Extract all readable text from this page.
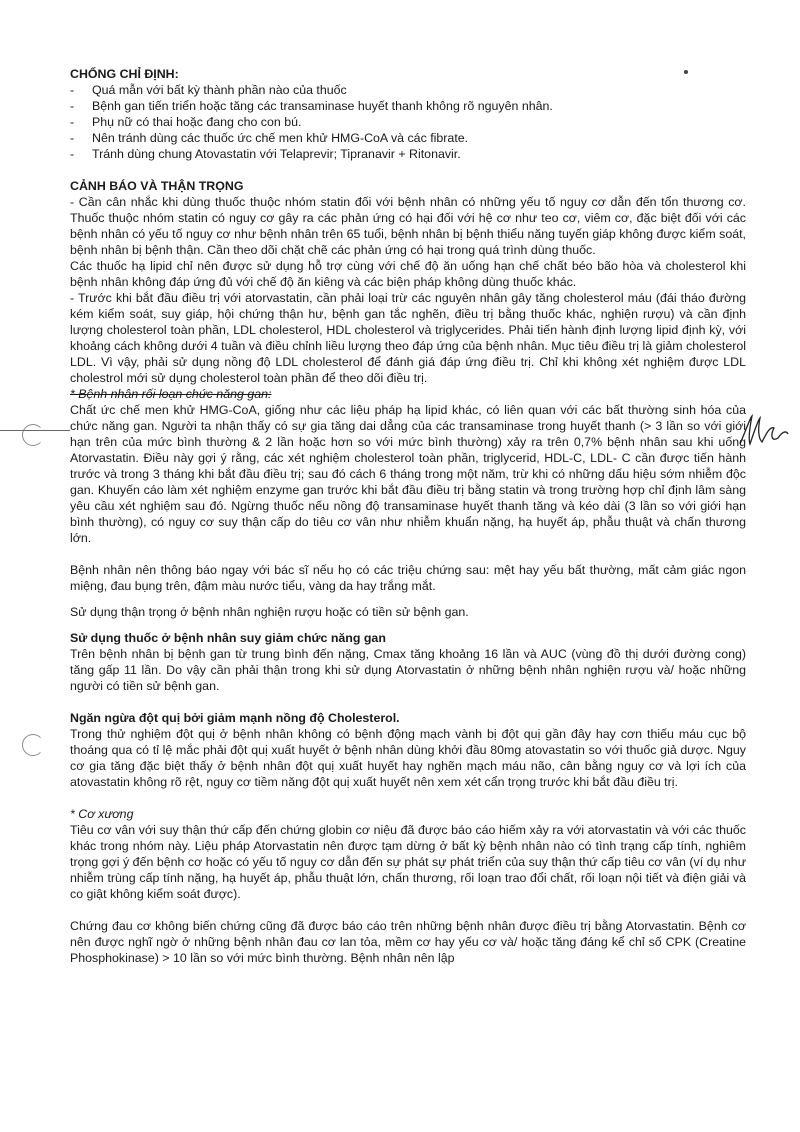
CHỐNG CHỈ ĐỊNH:

- Quá mẫn với bất kỳ thành phần nào của thuốc
- Bệnh gan tiến triển hoặc tăng các transaminase huyết thanh không rõ nguyên nhân.
- Phụ nữ có thai hoặc đang cho con bú.
- Nên tránh dùng các thuốc ức chế men khử HMG-CoA và các fibrate.
- Tránh dùng chung Atovastatin với Telaprevir; Tipranavir + Ritonavir.

CẢNH BÁO VÀ THẬN TRỌNG

- Cần cân nhắc khi dùng thuốc thuộc nhóm statin đối với bệnh nhân có những yếu tố nguy cơ dẫn đến tổn thương cơ. Thuốc thuộc nhóm statin có nguy cơ gây ra các phản ứng có hại đối với hệ cơ như teo cơ, viêm cơ, đặc biệt đối với các bệnh nhân có yếu tố nguy cơ như bệnh nhân trên 65 tuổi, bệnh nhân bị bệnh thiểu năng tuyến giáp không được kiểm soát, bệnh nhân bị bệnh thận. Cần theo dõi chặt chẽ các phản ứng có hại trong quá trình dùng thuốc.

Các thuốc hạ lipid chỉ nên được sử dụng hỗ trợ cùng với chế độ ăn uống hạn chế chất béo bão hòa và cholesterol khi bệnh nhân không đáp ứng đủ với chế độ ăn kiêng và các biện pháp không dùng thuốc khác.

- Trước khi bắt đầu điều trị với atorvastatin, cần phải loại trừ các nguyên nhân gây tăng cholesterol máu (đái tháo đường kém kiểm soát, suy giáp, hội chứng thận hư, bệnh gan tắc nghẽn, điều trị bằng thuốc khác, nghiện rượu) và cần định lượng cholesterol toàn phần, LDL cholesterol, HDL cholesterol và triglycerides. Phải tiến hành định lượng lipid định kỳ, với khoảng cách không dưới 4 tuần và điều chỉnh liều lượng theo đáp ứng của bệnh nhân. Mục tiêu điều trị là giảm cholesterol LDL. Vì vậy, phải sử dụng nồng độ LDL cholesterol để đánh giá đáp ứng điều trị. Chỉ khi không xét nghiệm được LDL cholestrol mới sử dụng cholesterol toàn phần để theo dõi điều trị.

* Bệnh nhân rối loạn chức năng gan:

Chất ức chế men khử HMG-CoA, giống như các liệu pháp hạ lipid khác, có liên quan với các bất thường sinh hóa của chức năng gan. Người ta nhận thấy có sự gia tăng dai dẳng của các transaminase trong huyết thanh (> 3 lần so với giới hạn trên của mức bình thường & 2 lần hoặc hơn so với mức bình thường) xảy ra trên 0,7% bệnh nhân sau khi uống Atorvastatin. Điều này gợi ý rằng, các xét nghiệm cholesterol toàn phần, triglycerid, HDL-C, LDL- C cần được tiến hành trước và trong 3 tháng khi bắt đầu điều trị; sau đó cách 6 tháng trong một năm, trừ khi có những dấu hiệu sớm nhiễm độc gan. Khuyến cáo làm xét nghiệm enzyme gan trước khi bắt đầu điều trị bằng statin và trong trường hợp chỉ định lâm sàng yêu cầu xét nghiệm sau đó. Ngừng thuốc nếu nồng độ transaminase huyết thanh tăng và kéo dài (3 lần so với giới hạn bình thường), có nguy cơ suy thận cấp do tiêu cơ vân như nhiễm khuẩn nặng, hạ huyết áp, phẫu thuật và chấn thương lớn.

Bệnh nhân nên thông báo ngay với bác sĩ nếu họ có các triệu chứng sau: mệt hay yếu bất thường, mất cảm giác ngon miệng, đau bụng trên, đậm màu nước tiểu, vàng da hay trắng mắt.

Sử dụng thận trọng ở bệnh nhân nghiện rượu hoặc có tiền sử bệnh gan.

Sử dụng thuốc ở bệnh nhân suy giảm chức năng gan

Trên bệnh nhân bị bệnh gan từ trung bình đến nặng, Cmax tăng khoảng 16 lần và AUC (vùng đồ thị dưới đường cong) tăng gấp 11 lần. Do vậy cần phải thận trong khi sử dụng Atorvastatin ở những bệnh nhân nghiện rượu và/ hoặc những người có tiền sử bệnh gan.

Ngăn ngừa đột quị bởi giảm mạnh nồng độ Cholesterol.

Trong thử nghiệm đột quị ở bệnh nhân không có bệnh động mạch vành bị đột quị gần đây hay cơn thiếu máu cục bộ thoáng qua có tỉ lệ mắc phải đột quị xuất huyết ở bệnh nhân dùng khởi đầu 80mg atovastatin so với thuốc giả dược. Nguy cơ gia tăng đặc biệt thấy ở bệnh nhân đột quị xuất huyết hay nghẽn mạch máu não, cân bằng nguy cơ và lợi ích của atovastatin không rõ rệt, nguy cơ tiềm năng đột quị xuất huyết nên xem xét cẩn trọng trước khi bắt đầu điều trị.

* Cơ xương

Tiêu cơ vân với suy thận thứ cấp đến chứng globin cơ niệu đã được báo cáo hiếm xảy ra với atorvastatin và với các thuốc khác trong nhóm này. Liệu pháp Atorvastatin nên được tạm dừng ở bất kỳ bệnh nhân nào có tình trạng cấp tính, nghiêm trọng gợi ý đến bệnh cơ hoặc có yếu tố nguy cơ dẫn đến sự phát sự phát triển của suy thận thứ cấp tiêu cơ vân (ví dụ như nhiễm trùng cấp tính nặng, hạ huyết áp, phẫu thuật lớn, chấn thương, rối loạn trao đổi chất, rối loạn nội tiết và điện giải và co giật không kiểm soát được).

Chứng đau cơ không biến chứng cũng đã được báo cáo trên những bệnh nhân được điều trị bằng Atorvastatin. Bệnh cơ nên được nghĩ ngờ ở những bệnh nhân đau cơ lan tỏa, mềm cơ hay yếu cơ và/ hoặc tăng đáng kể chỉ số CPK (Creatine Phosphokinase) > 10 lần so với mức bình thường. Bệnh nhân nên lập
